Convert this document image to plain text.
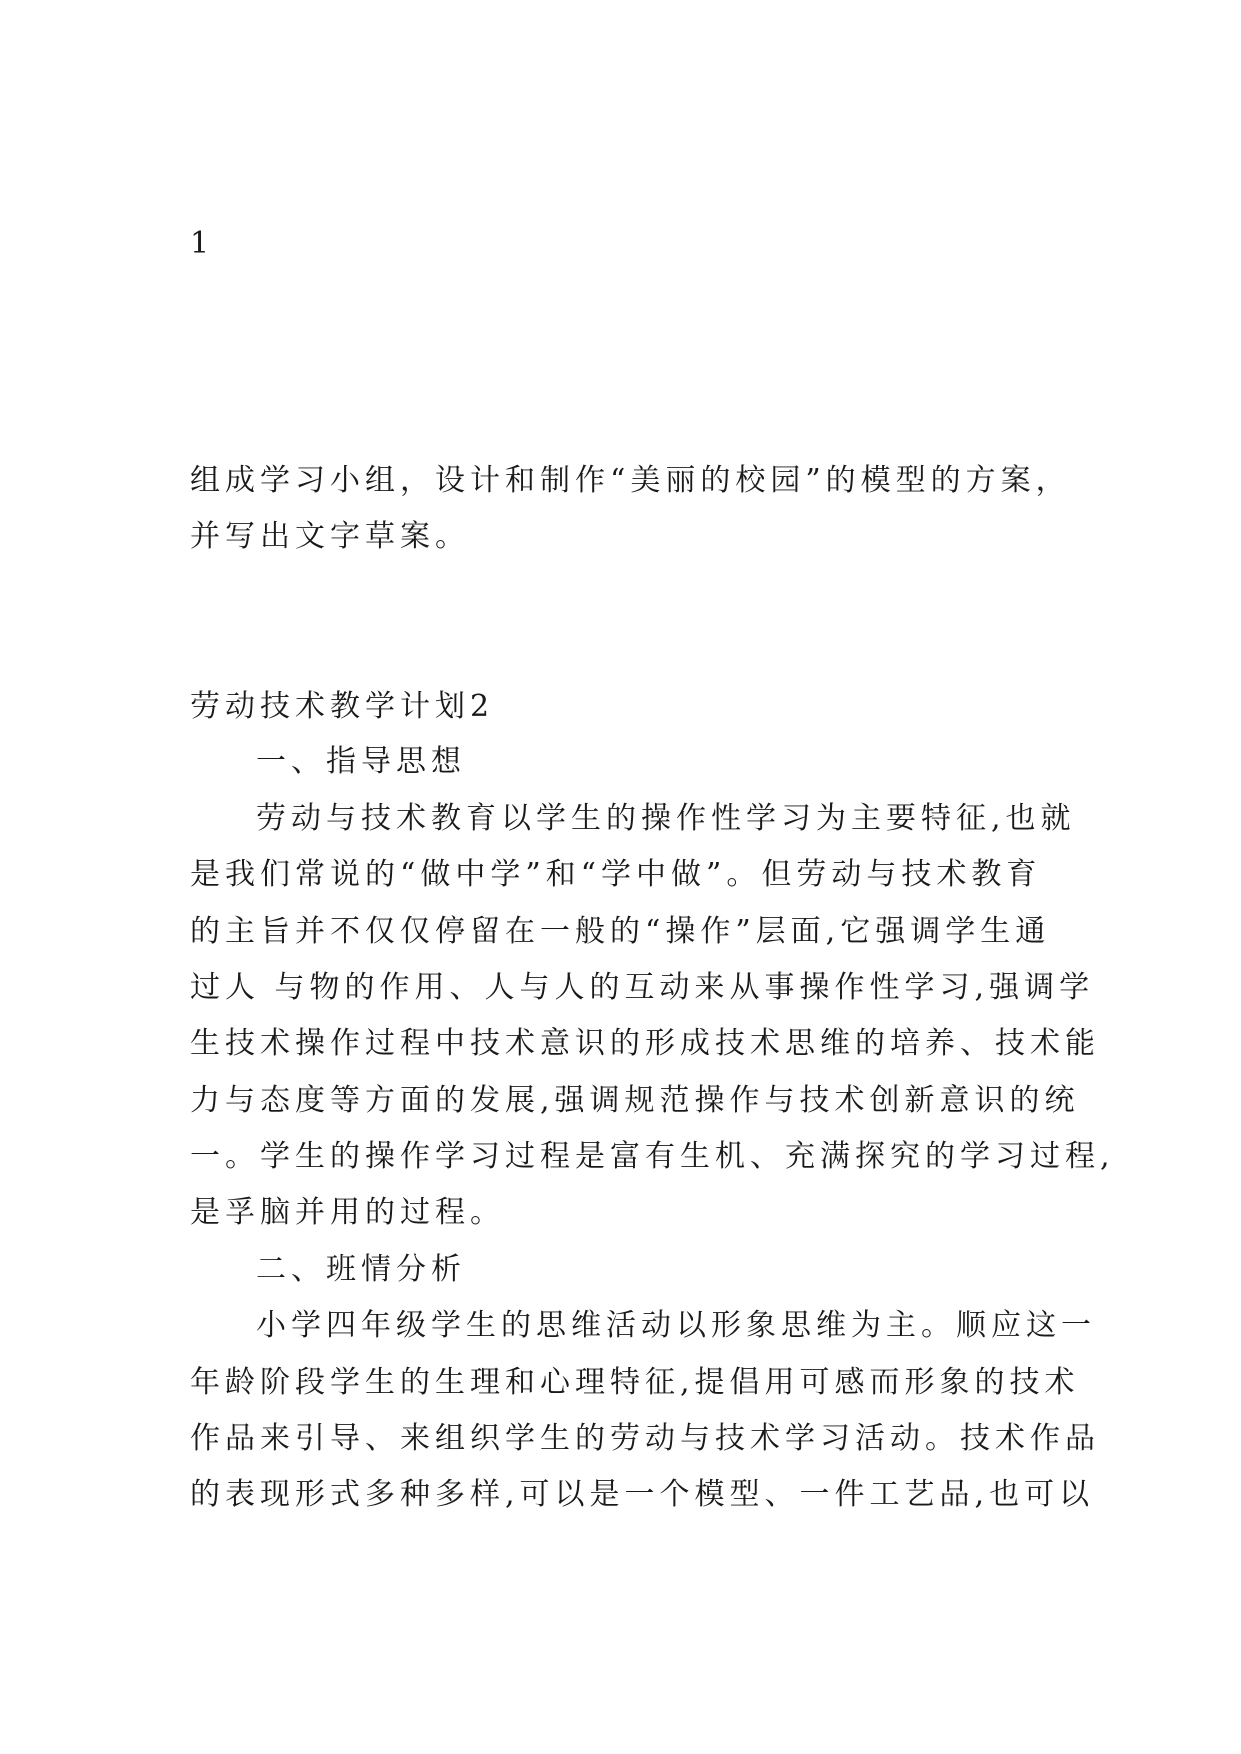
1
组成学习小组，设计和制作“美丽的校园”的模型的方案，
并写出文字草案。
劳动技术教学计划2
一、指导思想
劳动与技术教育以学生的操作性学习为主要特征,也就
是我们常说的“做中学”和“学中做”。但劳动与技术教育
的主旨并不仅仅停留在一般的“操作”层面,它强调学生通
过人 与物的作用、人与人的互动来从事操作性学习,强调学
生技术操作过程中技术意识的形成技术思维的培养、技术能
力与态度等方面的发展,强调规范操作与技术创新意识的统
一。学生的操作学习过程是富有生机、充满探究的学习过程,
是孚脑并用的过程。
二、班情分析
小学四年级学生的思维活动以形象思维为主。顺应这一
年龄阶段学生的生理和心理特征,提倡用可感而形象的技术
作品来引导、来组织学生的劳动与技术学习活动。技术作品
的表现形式多种多样,可以是一个模型、一件工艺品,也可以
